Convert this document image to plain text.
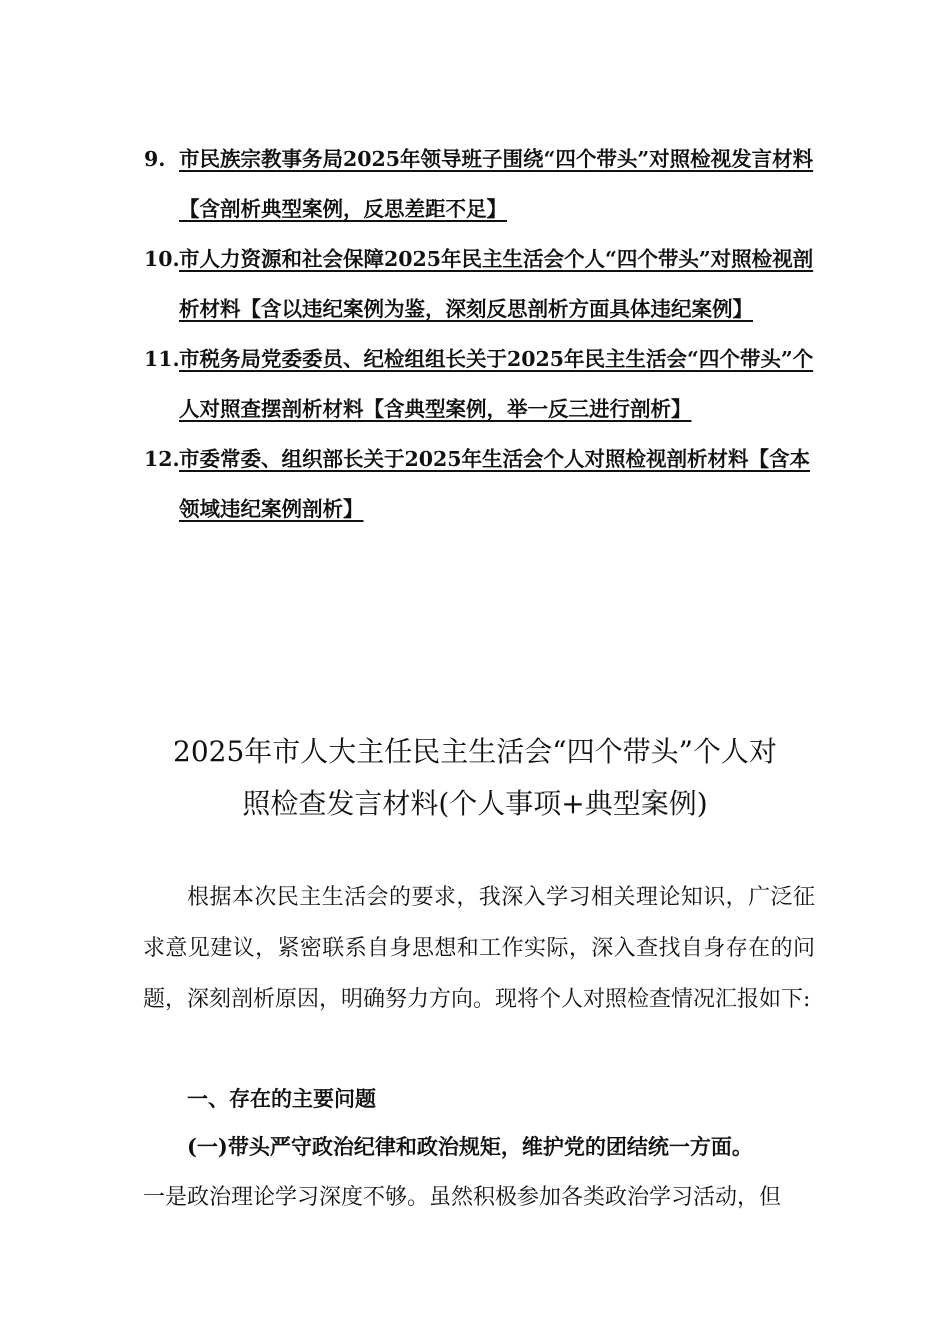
9. 市民族宗教事务局2025年领导班子围绕“四个带头”对照检视发言材料【含剖析典型案例，反思差距不足】
10. 市人力资源和社会保障2025年民主生活会个人“四个带头”对照检视剖析材料【含以违纪案例为鉴，深刻反思剖析方面具体违纪案例】
11. 市税务局党委委员、纪检组组长关于2025年民主生活会“四个带头”个人对照查摆剖析材料【含典型案例，举一反三进行剖析】
12. 市委常委、组织部长关于2025年生活会个人对照检视剖析材料【含本领域违纪案例剖析】
2025年市人大主任民主生活会“四个带头”个人对
照检查发言材料(个人事项+典型案例)

根据本次民主生活会的要求，我深入学习相关理论知识，广泛征求意见建议，紧密联系自身思想和工作实际，深入查找自身存在的问题，深刻剖析原因，明确努力方向。现将个人对照检查情况汇报如下:

一、存在的主要问题

(一)带头严守政治纪律和政治规矩，维护党的团结统一方面。

一是政治理论学习深度不够。虽然积极参加各类政治学习活动，但
